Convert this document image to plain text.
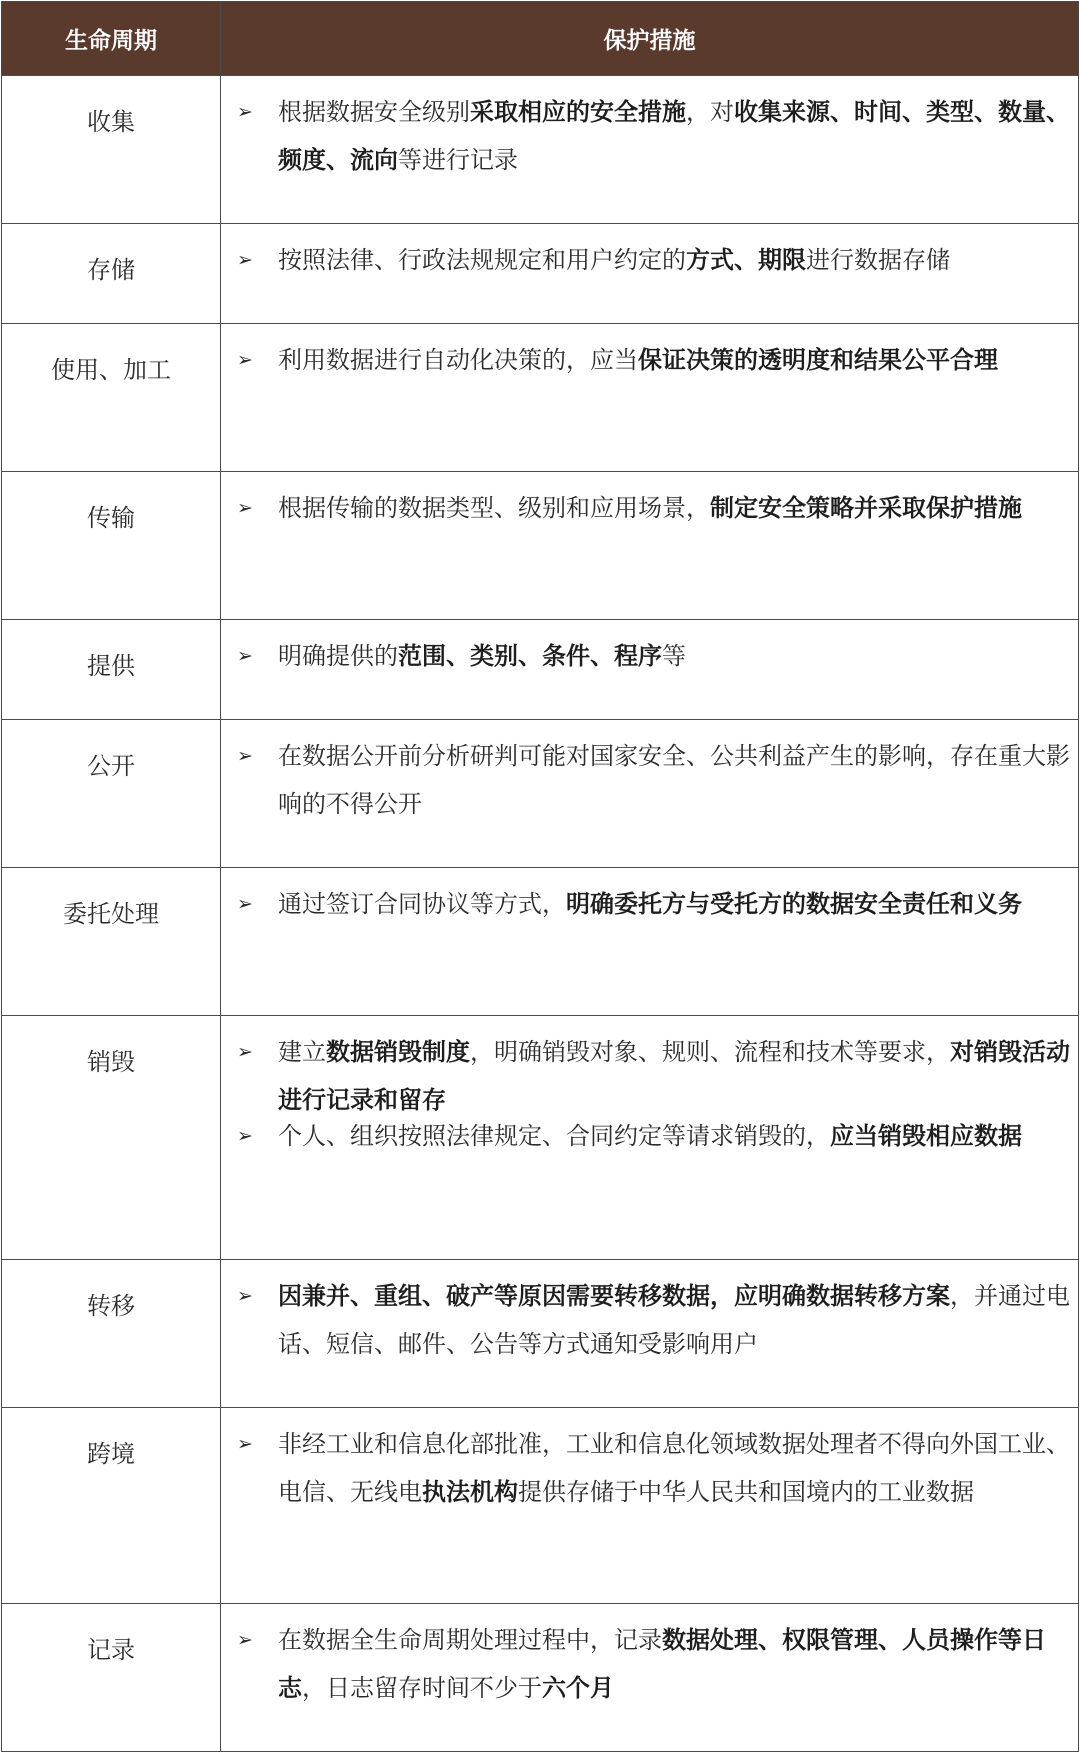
生命周期	保护措施
收集	➢ 根据数据安全级别采取相应的安全措施，对收集来源、时间、类型、数量、频度、流向等进行记录

存储	➢ 按照法律、行政法规规定和用户约定的方式、期限进行数据存储

使用、加工	➢ 利用数据进行自动化决策的，应当保证决策的透明度和结果公平合理

传输	➢ 根据传输的数据类型、级别和应用场景，制定安全策略并采取保护措施

提供	➢ 明确提供的范围、类别、条件、程序等

公开	➢ 在数据公开前分析研判可能对国家安全、公共利益产生的影响，存在重大影响的不得公开

委托处理	➢ 通过签订合同协议等方式，明确委托方与受托方的数据安全责任和义务

销毁	➢ 建立数据销毁制度，明确销毁对象、规则、流程和技术等要求，对销毁活动进行记录和留存
➢ 个人、组织按照法律规定、合同约定等请求销毁的，应当销毁相应数据

转移	➢ 因兼并、重组、破产等原因需要转移数据，应明确数据转移方案，并通过电话、短信、邮件、公告等方式通知受影响用户

跨境	➢ 非经工业和信息化部批准，工业和信息化领域数据处理者不得向外国工业、电信、无线电执法机构提供存储于中华人民共和国境内的工业数据

记录	➢ 在数据全生命周期处理过程中，记录数据处理、权限管理、人员操作等日志，日志留存时间不少于六个月
